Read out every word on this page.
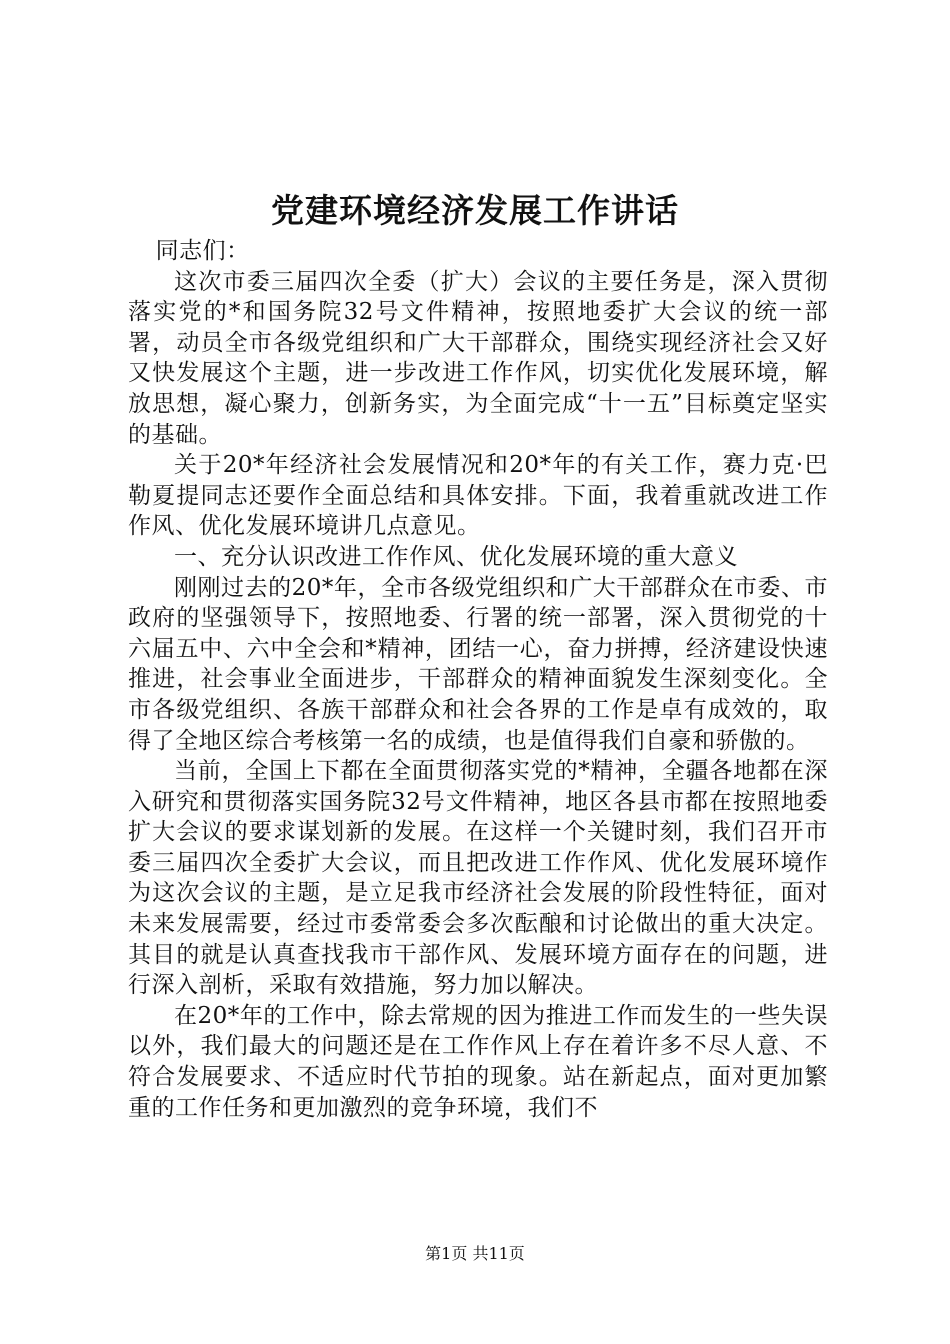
党建环境经济发展工作讲话

同志们：

这次市委三届四次全委（扩大）会议的主要任务是，深入贯彻落实党的*和国务院32号文件精神，按照地委扩大会议的统一部署，动员全市各级党组织和广大干部群众，围绕实现经济社会又好又快发展这个主题，进一步改进工作作风，切实优化发展环境，解放思想，凝心聚力，创新务实，为全面完成“十一五”目标奠定坚实的基础。

关于20*年经济社会发展情况和20*年的有关工作，赛力克·巴勒夏提同志还要作全面总结和具体安排。下面，我着重就改进工作作风、优化发展环境讲几点意见。

一、充分认识改进工作作风、优化发展环境的重大意义

刚刚过去的20*年，全市各级党组织和广大干部群众在市委、市政府的坚强领导下，按照地委、行署的统一部署，深入贯彻党的十六届五中、六中全会和*精神，团结一心，奋力拼搏，经济建设快速推进，社会事业全面进步，干部群众的精神面貌发生深刻变化。全市各级党组织、各族干部群众和社会各界的工作是卓有成效的，取得了全地区综合考核第一名的成绩，也是值得我们自豪和骄傲的。

当前，全国上下都在全面贯彻落实党的*精神，全疆各地都在深入研究和贯彻落实国务院32号文件精神，地区各县市都在按照地委扩大会议的要求谋划新的发展。在这样一个关键时刻，我们召开市委三届四次全委扩大会议，而且把改进工作作风、优化发展环境作为这次会议的主题，是立足我市经济社会发展的阶段性特征，面对未来发展需要，经过市委常委会多次酝酿和讨论做出的重大决定。其目的就是认真查找我市干部作风、发展环境方面存在的问题，进行深入剖析，采取有效措施，努力加以解决。

在20*年的工作中，除去常规的因为推进工作而发生的一些失误以外，我们最大的问题还是在工作作风上存在着许多不尽人意、不符合发展要求、不适应时代节拍的现象。站在新起点，面对更加繁重的工作任务和更加激烈的竞争环境，我们不

第1页 共11页
